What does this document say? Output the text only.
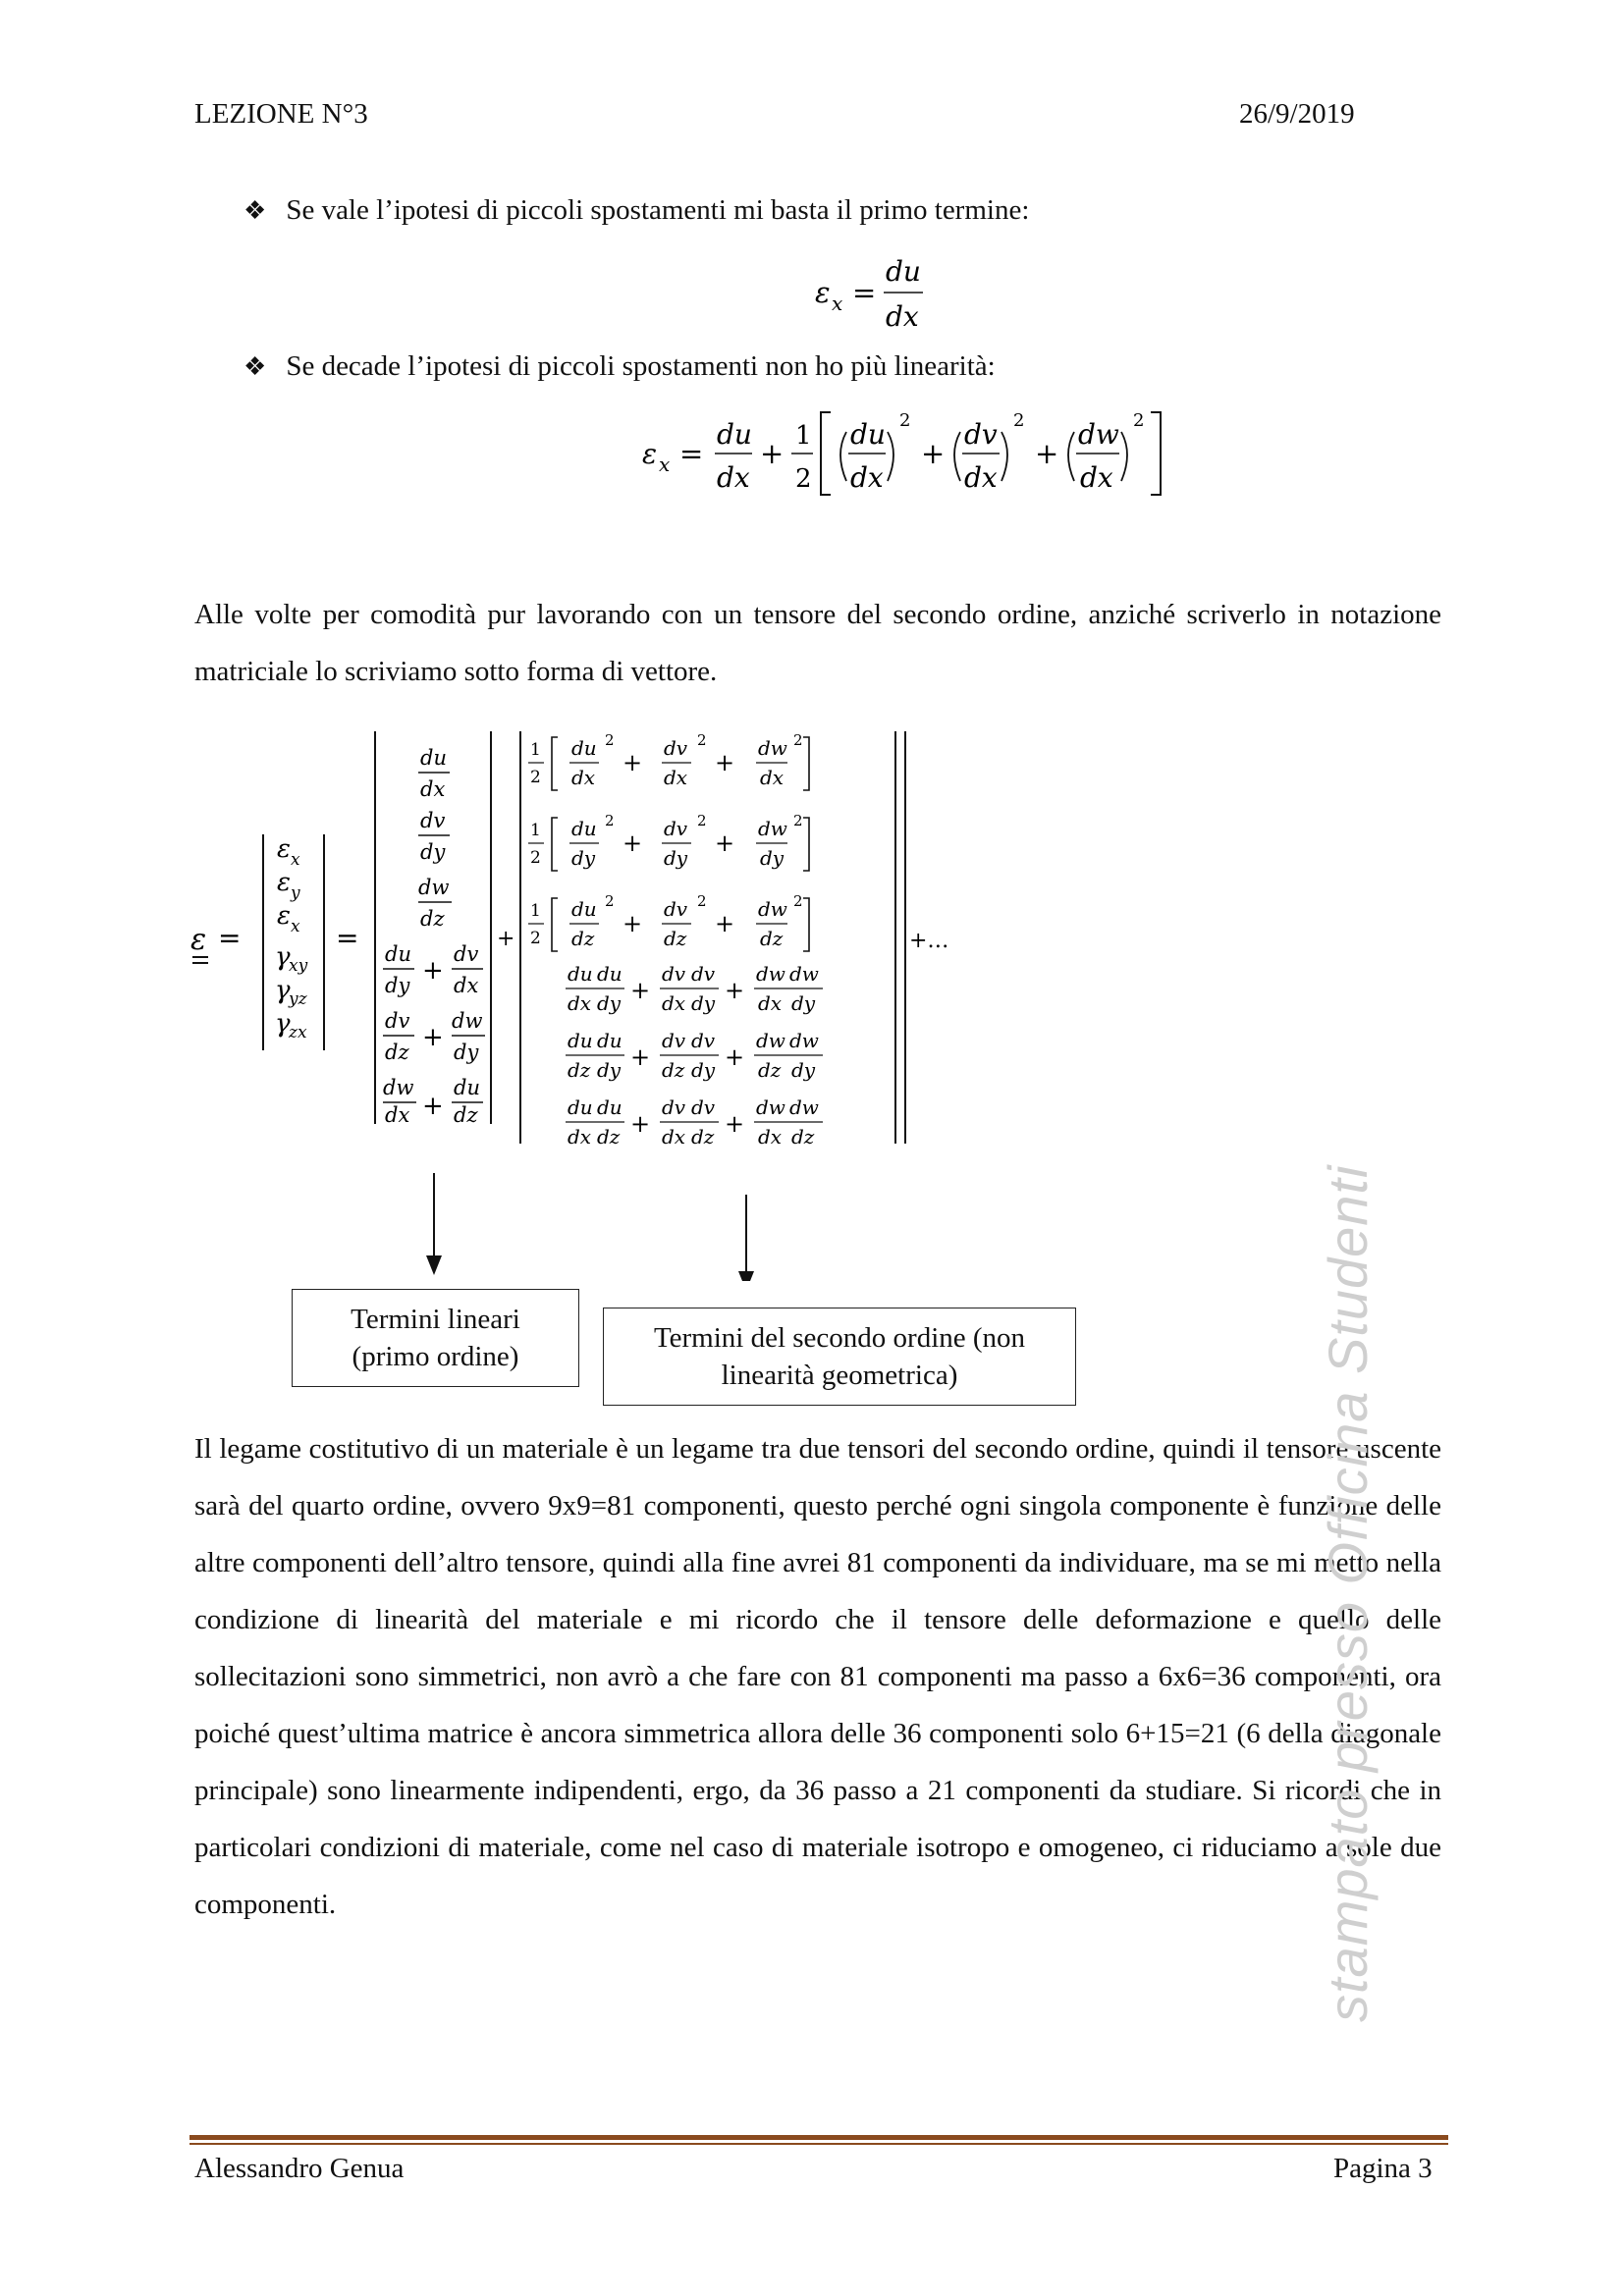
LEZIONE N°3	26/9/2019
❖ Se vale l’ipotesi di piccoli spostamenti mi basta il primo termine:
ε x =
du
dx
❖ Se decade l’ipotesi di piccoli spostamenti non ho più linearità:
ε x =
du
dx
+
1
2
du
dx
2
+
dv
dx
2
+
dw
dx
2
Alle volte per comodità pur lavorando con un tensore del secondo ordine, anziché scriverlo in notazione matriciale lo scriviamo sotto forma di vettore.
ε =
ε x
ε y
ε x
γ
xy
γ
yz
γ
zx
=
du
dx
dv
dy
dw
dz
du
dy +
dv
dx
dv
dz +
dw
dy
dw
dx +
du
dz
+
1
2
du
dx
2
+
dv
dx
2
+
dw
dx
2
1
2
du
dy
2
+
dv
dy
2
+
dw
dy
2
1
2
du
dz
2
+
dv
dz
2
+
dw
dz
2
du du
dx dy +
dv dv
dx dy +
dw dw
dx dy
du du
dz dy +
dv dv
dz dy +
dw dw
dz dy
du du
dx dz +
dv dv
dx dz +
dw dw
dx dz
+…
Termini lineari
(primo ordine)
Termini del secondo ordine (non
linearità geometrica)
Il legame costitutivo di un materiale è un legame tra due tensori del secondo ordine, quindi il tensore uscente sarà del quarto ordine, ovvero 9x9=81 componenti, questo perché ogni singola componente è funzione delle altre componenti dell’altro tensore, quindi alla fine avrei 81 componenti da individuare, ma se mi metto nella condizione di linearità del materiale e mi ricordo che il tensore delle deformazione e quello delle sollecitazioni sono simmetrici, non avrò a che fare con 81 componenti ma passo a 6x6=36 componenti, ora poiché quest’ultima matrice è ancora simmetrica allora delle 36 componenti solo 6+15=21 (6 della diagonale principale) sono linearmente indipendenti, ergo, da 36 passo a 21 componenti da studiare. Si ricordi che in particolari condizioni di materiale, come nel caso di materiale isotropo e omogeneo, ci riduciamo a sole due componenti.	stampato presso Officina Studenti
Alessandro Genua	Pagina 3
